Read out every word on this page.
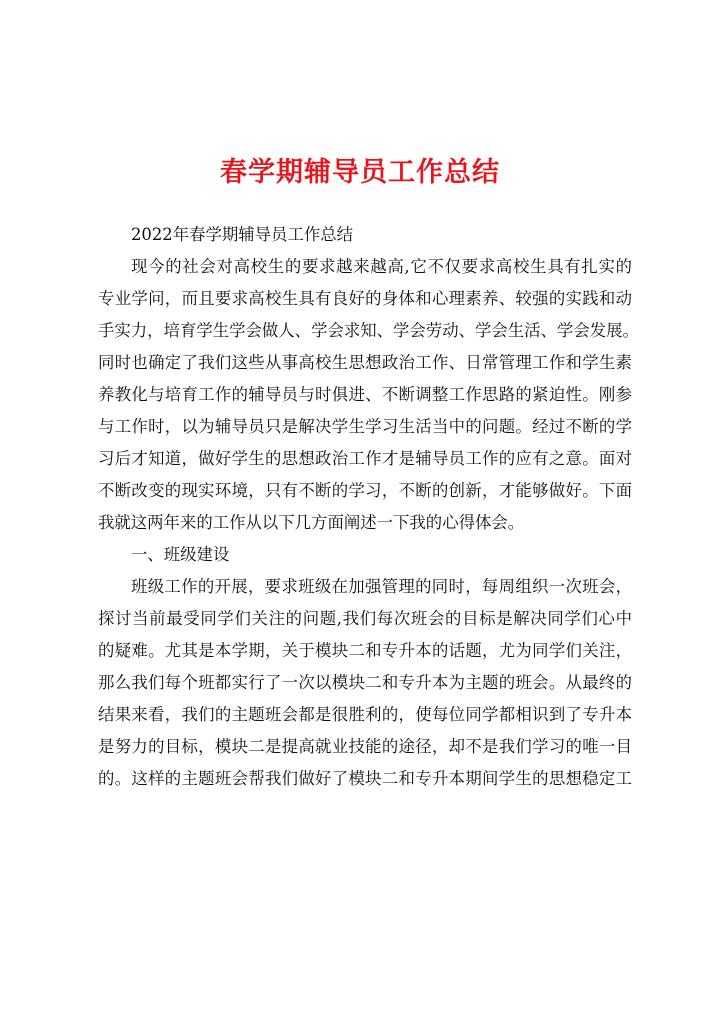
春学期辅导员工作总结
2022年春学期辅导员工作总结
现今的社会对高校生的要求越来越高,它不仅要求高校生具有扎实的
专业学问，而且要求高校生具有良好的身体和心理素养、较强的实践和动
手实力，培育学生学会做人、学会求知、学会劳动、学会生活、学会发展。
同时也确定了我们这些从事高校生思想政治工作、日常管理工作和学生素
养教化与培育工作的辅导员与时俱进、不断调整工作思路的紧迫性。刚参
与工作时，以为辅导员只是解决学生学习生活当中的问题。经过不断的学
习后才知道，做好学生的思想政治工作才是辅导员工作的应有之意。面对
不断改变的现实环境，只有不断的学习，不断的创新，才能够做好。下面
我就这两年来的工作从以下几方面阐述一下我的心得体会。
一、班级建设
班级工作的开展，要求班级在加强管理的同时，每周组织一次班会，
探讨当前最受同学们关注的问题,我们每次班会的目标是解决同学们心中
的疑难。尤其是本学期，关于模块二和专升本的话题，尤为同学们关注，
那么我们每个班都实行了一次以模块二和专升本为主题的班会。从最终的
结果来看，我们的主题班会都是很胜利的，使每位同学都相识到了专升本
是努力的目标，模块二是提高就业技能的途径，却不是我们学习的唯一目
的。这样的主题班会帮我们做好了模块二和专升本期间学生的思想稳定工
